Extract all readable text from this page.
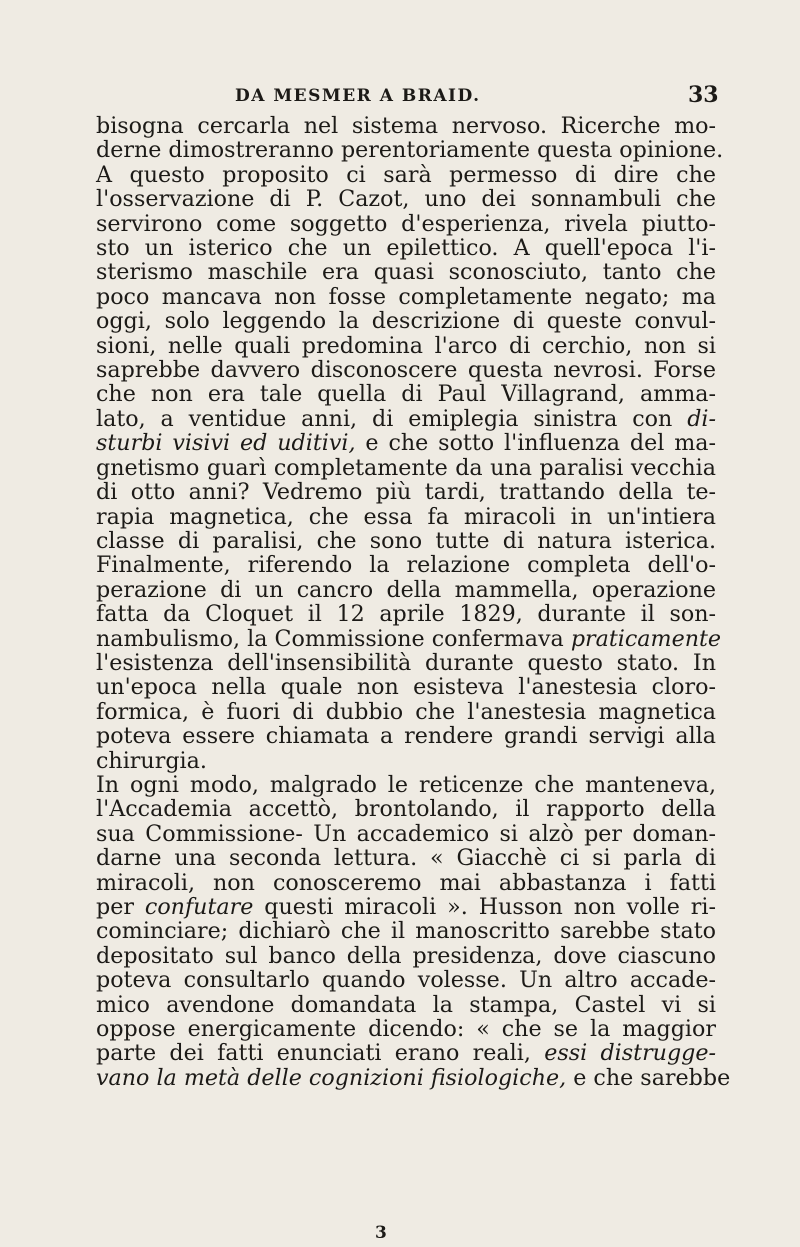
DA MESMER A BRAID.	33
bisogna cercarla nel sistema nervoso. Ricerche mo-
derne dimostreranno perentoriamente questa opinione.
A questo proposito ci sarà permesso di dire che
l'osservazione di P. Cazot, uno dei sonnambuli che
servirono come soggetto d'esperienza, rivela piutto-
sto un isterico che un epilettico. A quell'epoca l'i-
sterismo maschile era quasi sconosciuto, tanto che
poco mancava non fosse completamente negato; ma
oggi, solo leggendo la descrizione di queste convul-
sioni, nelle quali predomina l'arco di cerchio, non si
saprebbe davvero disconoscere questa nevrosi. Forse
che non era tale quella di Paul Villagrand, amma-
lato, a ventidue anni, di emiplegia sinistra con di-
sturbi visivi ed uditivi, e che sotto l'influenza del ma-
gnetismo guarì completamente da una paralisi vecchia
di otto anni? Vedremo più tardi, trattando della te-
rapia magnetica, che essa fa miracoli in un'intiera
classe di paralisi, che sono tutte di natura isterica.
Finalmente, riferendo la relazione completa dell'o-
perazione di un cancro della mammella, operazione
fatta da Cloquet il 12 aprile 1829, durante il son-
nambulismo, la Commissione confermava praticamente
l'esistenza dell'insensibilità durante questo stato. In
un'epoca nella quale non esisteva l'anestesia cloro-
formica, è fuori di dubbio che l'anestesia magnetica
poteva essere chiamata a rendere grandi servigi alla
chirurgia.
In ogni modo, malgrado le reticenze che manteneva,
l'Accademia accettò, brontolando, il rapporto della
sua Commissione- Un accademico si alzò per doman-
darne una seconda lettura. « Giacchè ci si parla di
miracoli, non conosceremo mai abbastanza i fatti
per confutare questi miracoli ». Husson non volle ri-
cominciare; dichiarò che il manoscritto sarebbe stato
depositato sul banco della presidenza, dove ciascuno
poteva consultarlo quando volesse. Un altro accade-
mico avendone domandata la stampa, Castel vi si
oppose energicamente dicendo: « che se la maggior
parte dei fatti enunciati erano reali, essi distrugge-
vano la metà delle cognizioni fisiologiche, e che sarebbe
3
